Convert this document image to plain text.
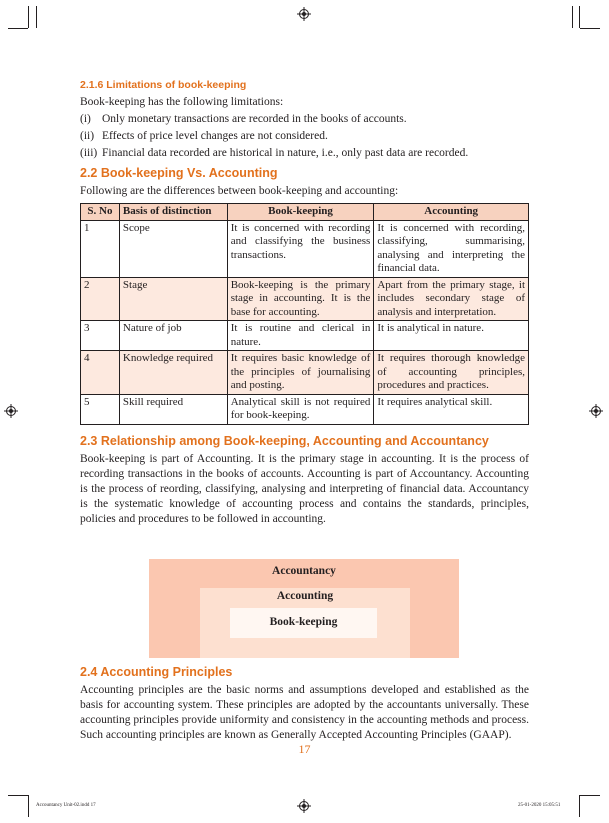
2.1.6 Limitations of book-keeping

Book-keeping has the following limitations:

(i) Only monetary transactions are recorded in the books of accounts.

(ii) Effects of price level changes are not considered.

(iii) Financial data recorded are historical in nature, i.e., only past data are recorded.

2.2 Book-keeping Vs. Accounting

Following are the differences between book-keeping and accounting:

S. No	Basis of distinction	Book-keeping	Accounting
1	Scope	It is concerned with recording and classifying the business transactions.	It is concerned with recording, classifying, summarising, analysing and interpreting the financial data.
2	Stage	Book-keeping is the primary stage in accounting. It is the base for accounting.	Apart from the primary stage, it includes secondary stage of analysis and interpretation.
3	Nature of job	It is routine and clerical in nature.	It is analytical in nature.
4	Knowledge required	It requires basic knowledge of the principles of journalising and posting.	It requires thorough knowledge of accounting principles, procedures and practices.
5	Skill required	Analytical skill is not required for book-keeping.	It requires analytical skill.
2.3 Relationship among Book-keeping, Accounting and Accountancy

Book-keeping is part of Accounting. It is the primary stage in accounting. It is the process of recording transactions in the books of accounts. Accounting is part of Accountancy. Accounting is the process of reording, classifying, analysing and interpreting of financial data. Accountancy is the systematic knowledge of accounting process and contains the standards, principles, policies and procedures to be followed in accounting.

Accountancy
Accounting
Book-keeping
2.4 Accounting Principles

Accounting principles are the basic norms and assumptions developed and established as the basis for accounting system. These principles are adopted by the accountants universally. These accounting principles provide uniformity and consistency in the accounting methods and process. Such accounting principles are known as Generally Accepted Accounting Principles (GAAP).

17
Accountancy Unit-02.indd 17	25-01-2020 15:05:51
